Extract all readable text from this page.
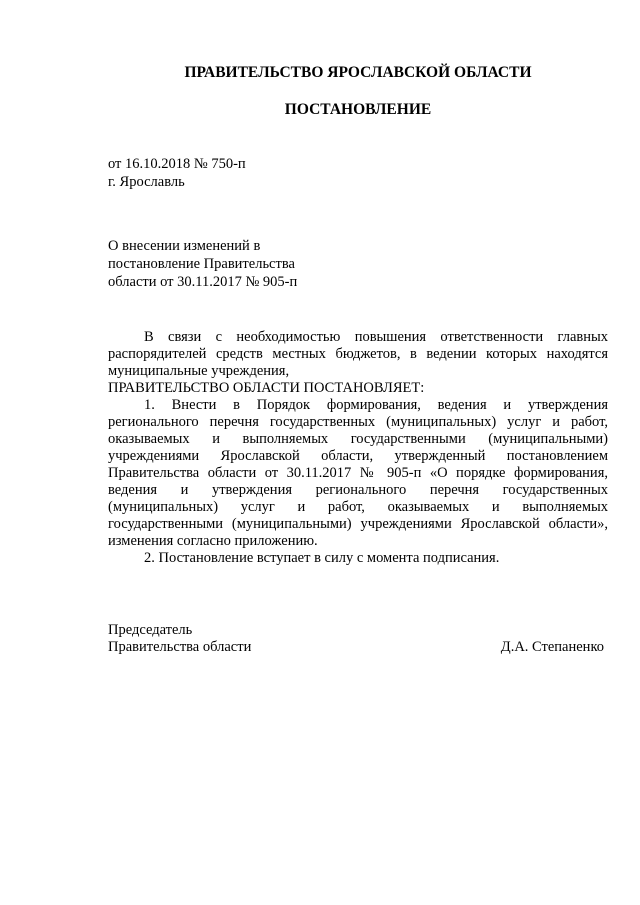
ПРАВИТЕЛЬСТВО ЯРОСЛАВСКОЙ ОБЛАСТИ

ПОСТАНОВЛЕНИЕ

от 16.10.2018 № 750-п

г. Ярославль

О внесении изменений в

постановление Правительства

области от 30.11.2017 № 905-п

В связи с необходимостью повышения ответственности главных распорядителей средств местных бюджетов, в ведении которых находятся муниципальные учреждения,

ПРАВИТЕЛЬСТВО ОБЛАСТИ ПОСТАНОВЛЯЕТ:

1. Внести в Порядок формирования, ведения и утверждения регионального перечня государственных (муниципальных) услуг и работ, оказываемых и выполняемых государственными (муниципальными) учреждениями Ярославской области, утвержденный постановлением Правительства области от 30.11.2017 № 905-п «О порядке формирования, ведения и утверждения регионального перечня государственных (муниципальных) услуг и работ, оказываемых и выполняемых государственными (муниципальными) учреждениями Ярославской области», изменения согласно приложению.

2. Постановление вступает в силу с момента подписания.

Председатель

Правительства области	Д.А. Степаненко
